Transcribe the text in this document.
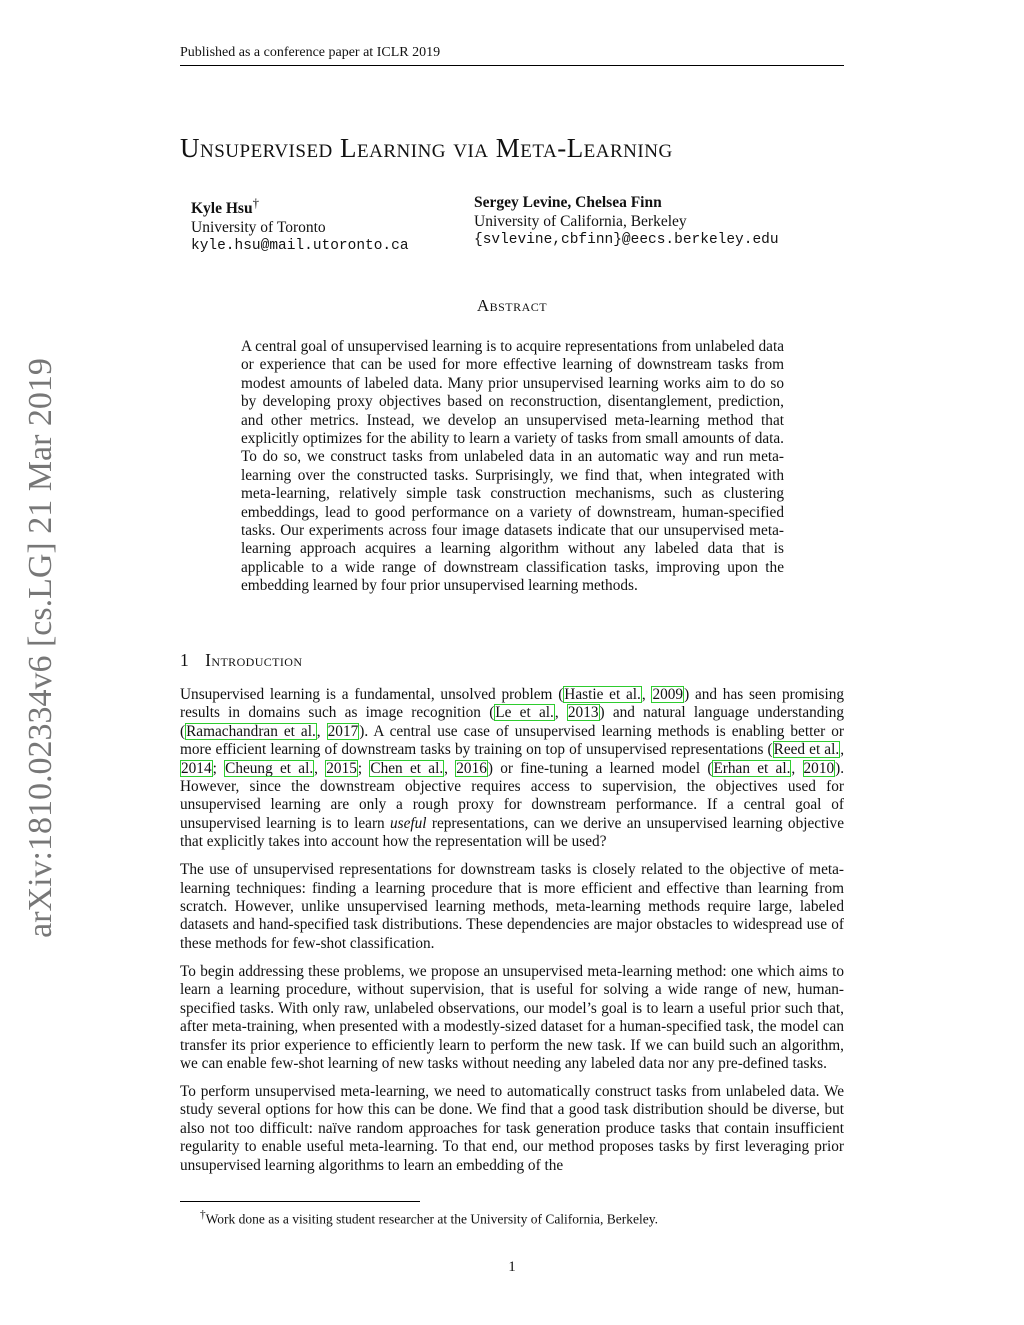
Published as a conference paper at ICLR 2019
arXiv:1810.02334v6 [cs.LG] 21 Mar 2019
Unsupervised Learning via Meta-Learning
Kyle Hsu†
University of Toronto
kyle.hsu@mail.utoronto.ca
Sergey Levine, Chelsea Finn
University of California, Berkeley
{svlevine,cbfinn}@eecs.berkeley.edu
Abstract
A central goal of unsupervised learning is to acquire representations from unlabeled data or experience that can be used for more effective learning of downstream tasks from modest amounts of labeled data. Many prior unsupervised learning works aim to do so by developing proxy objectives based on reconstruction, disentanglement, prediction, and other metrics. Instead, we develop an unsupervised meta-learning method that explicitly optimizes for the ability to learn a variety of tasks from small amounts of data. To do so, we construct tasks from unlabeled data in an automatic way and run meta-learning over the constructed tasks. Surprisingly, we find that, when integrated with meta-learning, relatively simple task construction mechanisms, such as clustering embeddings, lead to good performance on a variety of downstream, human-specified tasks. Our experiments across four image datasets indicate that our unsupervised meta-learning approach acquires a learning algorithm without any labeled data that is applicable to a wide range of downstream classification tasks, improving upon the embedding learned by four prior unsupervised learning methods.
1 Introduction

Unsupervised learning is a fundamental, unsolved problem (Hastie et al., 2009) and has seen promising results in domains such as image recognition (Le et al., 2013) and natural language understanding (Ramachandran et al., 2017). A central use case of unsupervised learning methods is enabling better or more efficient learning of downstream tasks by training on top of unsupervised representations (Reed et al., 2014; Cheung et al., 2015; Chen et al., 2016) or fine-tuning a learned model (Erhan et al., 2010). However, since the downstream objective requires access to supervision, the objectives used for unsupervised learning are only a rough proxy for downstream performance. If a central goal of unsupervised learning is to learn useful representations, can we derive an unsupervised learning objective that explicitly takes into account how the representation will be used?

The use of unsupervised representations for downstream tasks is closely related to the objective of meta-learning techniques: finding a learning procedure that is more efficient and effective than learning from scratch. However, unlike unsupervised learning methods, meta-learning methods require large, labeled datasets and hand-specified task distributions. These dependencies are major obstacles to widespread use of these methods for few-shot classification.

To begin addressing these problems, we propose an unsupervised meta-learning method: one which aims to learn a learning procedure, without supervision, that is useful for solving a wide range of new, human-specified tasks. With only raw, unlabeled observations, our model’s goal is to learn a useful prior such that, after meta-training, when presented with a modestly-sized dataset for a human-specified task, the model can transfer its prior experience to efficiently learn to perform the new task. If we can build such an algorithm, we can enable few-shot learning of new tasks without needing any labeled data nor any pre-defined tasks.

To perform unsupervised meta-learning, we need to automatically construct tasks from unlabeled data. We study several options for how this can be done. We find that a good task distribution should be diverse, but also not too difficult: naïve random approaches for task generation produce tasks that contain insufficient regularity to enable useful meta-learning. To that end, our method proposes tasks by first leveraging prior unsupervised learning algorithms to learn an embedding of the

†Work done as a visiting student researcher at the University of California, Berkeley.
1
